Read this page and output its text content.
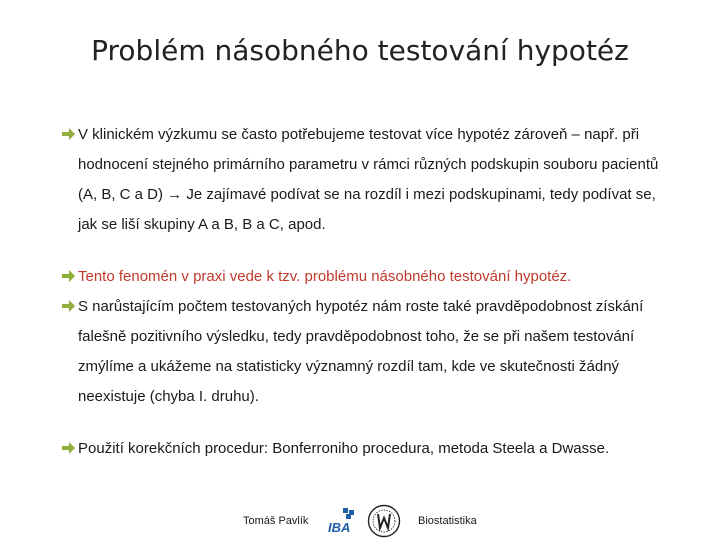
Problém násobného testování hypotéz
V klinickém výzkumu se často potřebujeme testovat více hypotéz zároveň – např. při hodnocení stejného primárního parametru v rámci různých podskupin souboru pacientů (A, B, C a D) → Je zajímavé podívat se na rozdíl i mezi podskupinami, tedy podívat se, jak se liší skupiny A a B, B a C, apod.
Tento fenomén v praxi vede k tzv. problému násobného testování hypotéz.
S narůstajícím počtem testovaných hypotéz nám roste také pravděpodobnost získání falešně pozitivního výsledku, tedy pravděpodobnost toho, že se při našem testování zmýlíme a ukážeme na statisticky významný rozdíl tam, kde ve skutečnosti žádný neexistuje (chyba I. druhu).
Použití korekčních procedur: Bonferroniho procedura, metoda Steela a Dwasse.
Tomáš Pavlík IBA	Biostatistika
